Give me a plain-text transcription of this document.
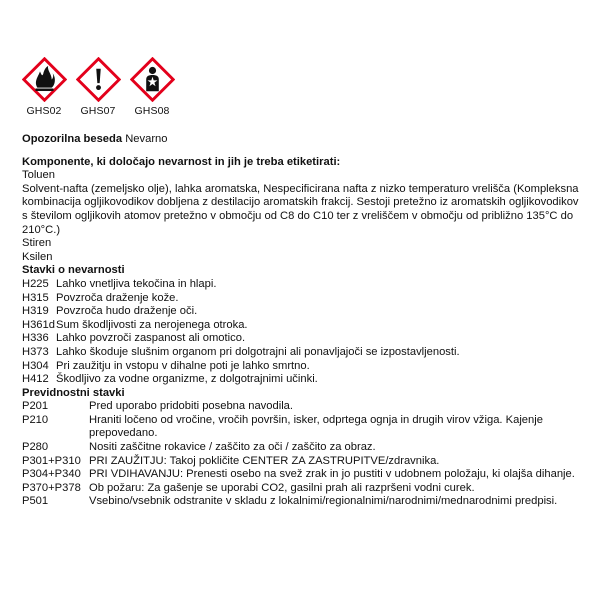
GHS02	GHS07	GHS08
Opozorilna beseda Nevarno
Komponente, ki določajo nevarnost in jih je treba etiketirati:
Toluen
Solvent-nafta (zemeljsko olje), lahka aromatska, Nespecificirana nafta z nizko temperaturo vrelišča (Kompleksna kombinacija ogljikovodikov dobljena z destilacijo aromatskih frakcij. Sestoji pretežno iz aromatskih ogljikovodikov s številom ogljikovih atomov pretežno v območju od C8 do C10 ter z vreliščem v območju od približno 135°C do 210°C.)
Stiren
Ksilen
Stavki o nevarnosti
H225 Lahko vnetljiva tekočina in hlapi.
H315 Povzroča draženje kože.
H319 Povzroča hudo draženje oči.
H361d Sum škodljivosti za nerojenega otroka.
H336 Lahko povzroči zaspanost ali omotico.
H373 Lahko škoduje slušnim organom pri dolgotrajni ali ponavljajoči se izpostavljenosti.
H304 Pri zaužitju in vstopu v dihalne poti je lahko smrtno.
H412 Škodljivo za vodne organizme, z dolgotrajnimi učinki.
Previdnostni stavki
P201	Pred uporabo pridobiti posebna navodila.
P210	Hraniti ločeno od vročine, vročih površin, isker, odprtega ognja in drugih virov vžiga. Kajenje prepovedano.
P280	Nositi zaščitne rokavice / zaščito za oči / zaščito za obraz.
P301+P310 PRI ZAUŽITJU: Takoj pokličite CENTER ZA ZASTRUPITVE/zdravnika.
P304+P340 PRI VDIHAVANJU: Prenesti osebo na svež zrak in jo pustiti v udobnem položaju, ki olajša dihanje.
P370+P378 Ob požaru: Za gašenje se uporabi CO2, gasilni prah ali razpršeni vodni curek.
P501	Vsebino/vsebnik odstranite v skladu z lokalnimi/regionalnimi/narodnimi/mednarodnimi predpisi.
